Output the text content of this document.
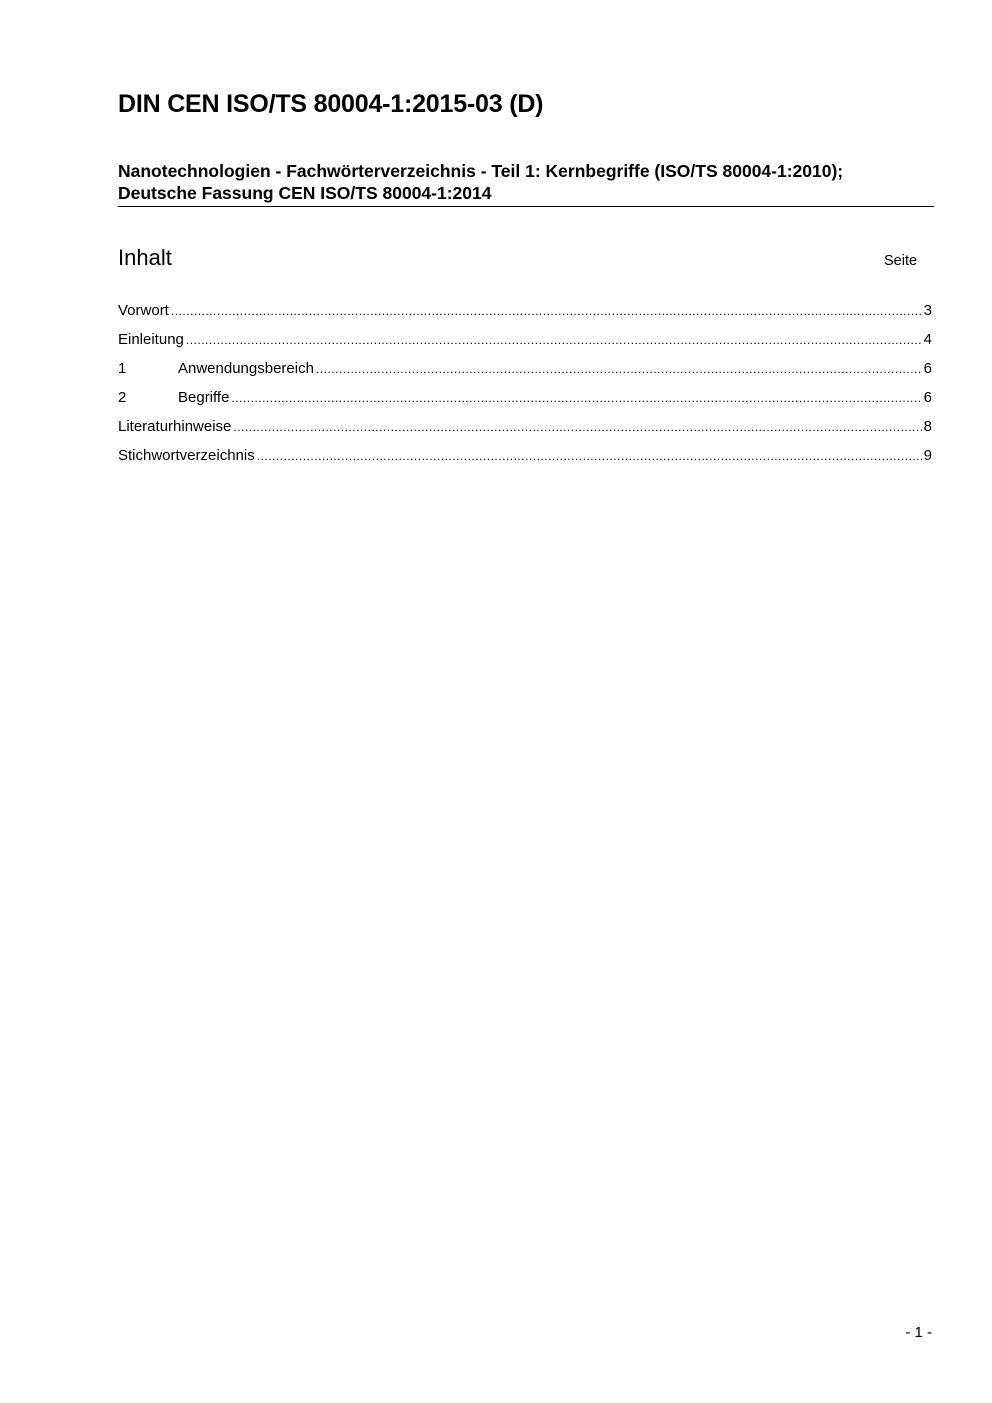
DIN CEN ISO/TS 80004-1:2015-03 (D)

Nanotechnologien - Fachwörterverzeichnis - Teil 1: Kernbegriffe (ISO/TS 80004-1:2010); Deutsche Fassung CEN ISO/TS 80004-1:2014

Inhalt	Seite
Vorwort .....	3
Einleitung .....	4
1	Anwendungsbereich .....	6
2	Begriffe .....	6
Literaturhinweise .....	8
Stichwortverzeichnis .....	9
- 1 -
